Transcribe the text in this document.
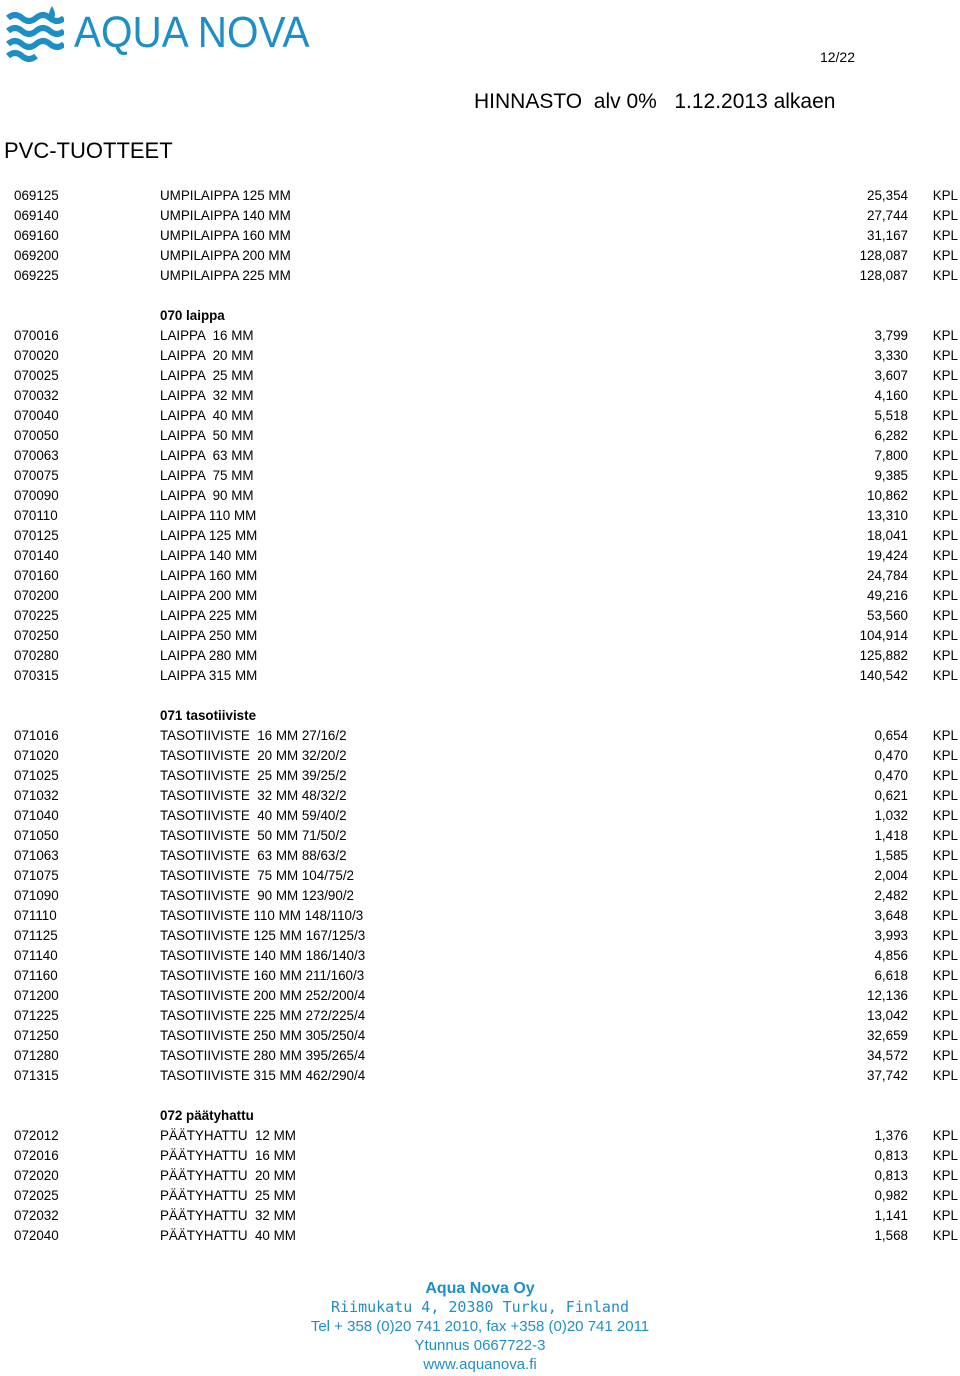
AQUA NOVA	12/22
HINNASTO  alv 0%   1.12.2013 alkaen
PVC-TUOTTEET
069125	UMPILAIPPA 125 MM	25,354 KPL
069140	UMPILAIPPA 140 MM	27,744 KPL
069160	UMPILAIPPA 160 MM	31,167 KPL
069200	UMPILAIPPA 200 MM	128,087 KPL
069225	UMPILAIPPA 225 MM	128,087 KPL
070 laippa
070016	LAIPPA  16 MM	3,799 KPL
070020	LAIPPA  20 MM	3,330 KPL
070025	LAIPPA  25 MM	3,607 KPL
070032	LAIPPA  32 MM	4,160 KPL
070040	LAIPPA  40 MM	5,518 KPL
070050	LAIPPA  50 MM	6,282 KPL
070063	LAIPPA  63 MM	7,800 KPL
070075	LAIPPA  75 MM	9,385 KPL
070090	LAIPPA  90 MM	10,862 KPL
070110	LAIPPA 110 MM	13,310 KPL
070125	LAIPPA 125 MM	18,041 KPL
070140	LAIPPA 140 MM	19,424 KPL
070160	LAIPPA 160 MM	24,784 KPL
070200	LAIPPA 200 MM	49,216 KPL
070225	LAIPPA 225 MM	53,560 KPL
070250	LAIPPA 250 MM	104,914 KPL
070280	LAIPPA 280 MM	125,882 KPL
070315	LAIPPA 315 MM	140,542 KPL
071 tasotiiviste
071016	TASOTIIVISTE  16 MM 27/16/2	0,654 KPL
071020	TASOTIIVISTE  20 MM 32/20/2	0,470 KPL
071025	TASOTIIVISTE  25 MM 39/25/2	0,470 KPL
071032	TASOTIIVISTE  32 MM 48/32/2	0,621 KPL
071040	TASOTIIVISTE  40 MM 59/40/2	1,032 KPL
071050	TASOTIIVISTE  50 MM 71/50/2	1,418 KPL
071063	TASOTIIVISTE  63 MM 88/63/2	1,585 KPL
071075	TASOTIIVISTE  75 MM 104/75/2	2,004 KPL
071090	TASOTIIVISTE  90 MM 123/90/2	2,482 KPL
071110	TASOTIIVISTE 110 MM 148/110/3	3,648 KPL
071125	TASOTIIVISTE 125 MM 167/125/3	3,993 KPL
071140	TASOTIIVISTE 140 MM 186/140/3	4,856 KPL
071160	TASOTIIVISTE 160 MM 211/160/3	6,618 KPL
071200	TASOTIIVISTE 200 MM 252/200/4	12,136 KPL
071225	TASOTIIVISTE 225 MM 272/225/4	13,042 KPL
071250	TASOTIIVISTE 250 MM 305/250/4	32,659 KPL
071280	TASOTIIVISTE 280 MM 395/265/4	34,572 KPL
071315	TASOTIIVISTE 315 MM 462/290/4	37,742 KPL
072 päätyhattu
072012	PÄÄTYHATTU  12 MM	1,376 KPL
072016	PÄÄTYHATTU  16 MM	0,813 KPL
072020	PÄÄTYHATTU  20 MM	0,813 KPL
072025	PÄÄTYHATTU  25 MM	0,982 KPL
072032	PÄÄTYHATTU  32 MM	1,141 KPL
072040	PÄÄTYHATTU  40 MM	1,568 KPL
Aqua Nova Oy
Riimukatu 4, 20380 Turku, Finland
Tel + 358 (0)20 741 2010, fax +358 (0)20 741 2011
Ytunnus 0667722-3
www.aquanova.fi
